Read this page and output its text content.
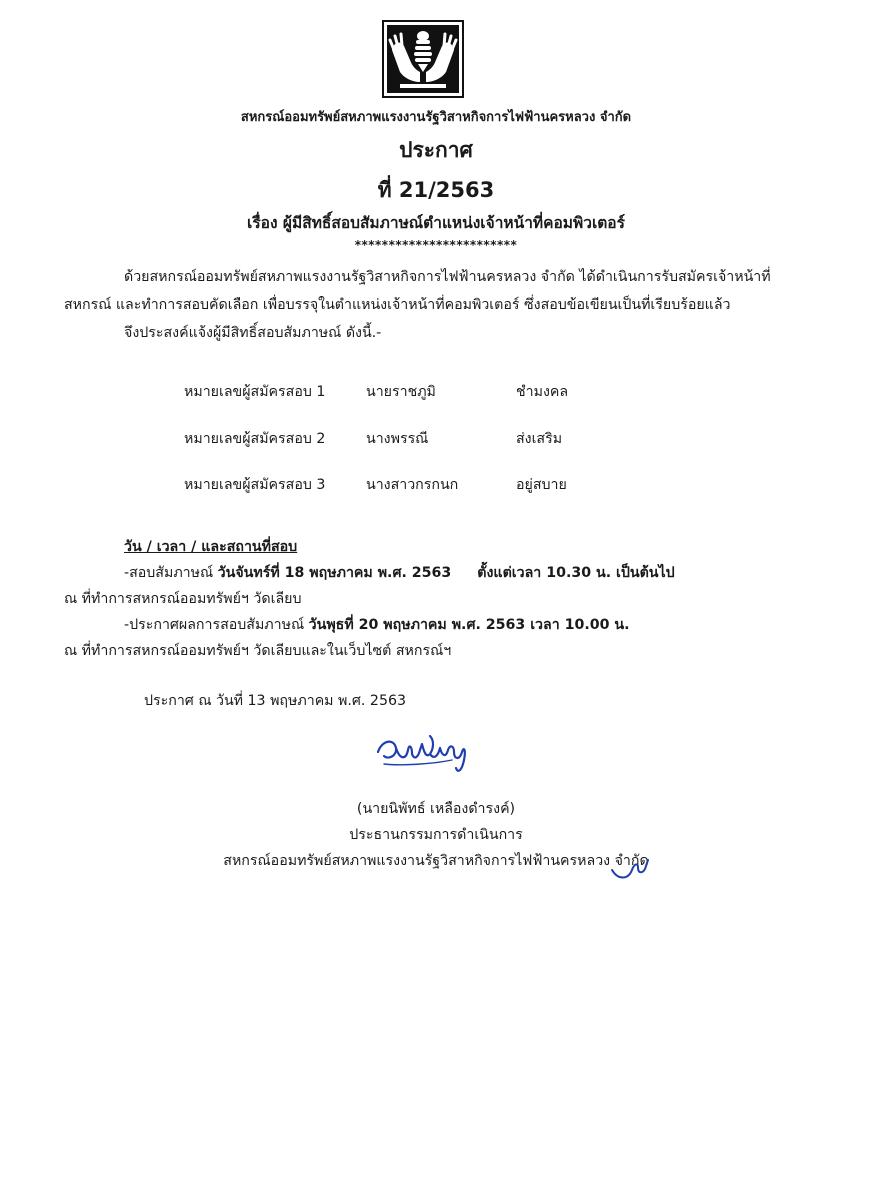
สหกรณ์ออมทรัพย์สหภาพแรงงานรัฐวิสาหกิจการไฟฟ้านครหลวง จำกัด
ประกาศ
ที่ 21/2563
เรื่อง ผู้มีสิทธิ์สอบสัมภาษณ์ตำแหน่งเจ้าหน้าที่คอมพิวเตอร์
************************
ด้วยสหกรณ์ออมทรัพย์สหภาพแรงงานรัฐวิสาหกิจการไฟฟ้านครหลวง จำกัด ได้ดำเนินการรับสมัครเจ้าหน้าที่
สหกรณ์ และทำการสอบคัดเลือก เพื่อบรรจุในตำแหน่งเจ้าหน้าที่คอมพิวเตอร์ ซึ่งสอบข้อเขียนเป็นที่เรียบร้อยแล้ว
จึงประสงค์แจ้งผู้มีสิทธิ์สอบสัมภาษณ์ ดังนี้.-
หมายเลขผู้สมัครสอบ 1	นายราชภูมิ	ชำมงคล
หมายเลขผู้สมัครสอบ 2	นางพรรณี	ส่งเสริม
หมายเลขผู้สมัครสอบ 3	นางสาวกรกนก	อยู่สบาย
วัน / เวลา / และสถานที่สอบ
-สอบสัมภาษณ์ วันจันทร์ที่ 18 พฤษภาคม พ.ศ. 2563 ตั้งแต่เวลา 10.30 น. เป็นต้นไป
ณ ที่ทำการสหกรณ์ออมทรัพย์ฯ วัดเลียบ
-ประกาศผลการสอบสัมภาษณ์ วันพุธที่ 20 พฤษภาคม พ.ศ. 2563 เวลา 10.00 น.
ณ ที่ทำการสหกรณ์ออมทรัพย์ฯ วัดเลียบและในเว็บไซต์ สหกรณ์ฯ
ประกาศ ณ วันที่ 13 พฤษภาคม พ.ศ. 2563
(นายนิพัทธ์ เหลืองดำรงค์)
ประธานกรรมการดำเนินการ
สหกรณ์ออมทรัพย์สหภาพแรงงานรัฐวิสาหกิจการไฟฟ้านครหลวง จำกัด
